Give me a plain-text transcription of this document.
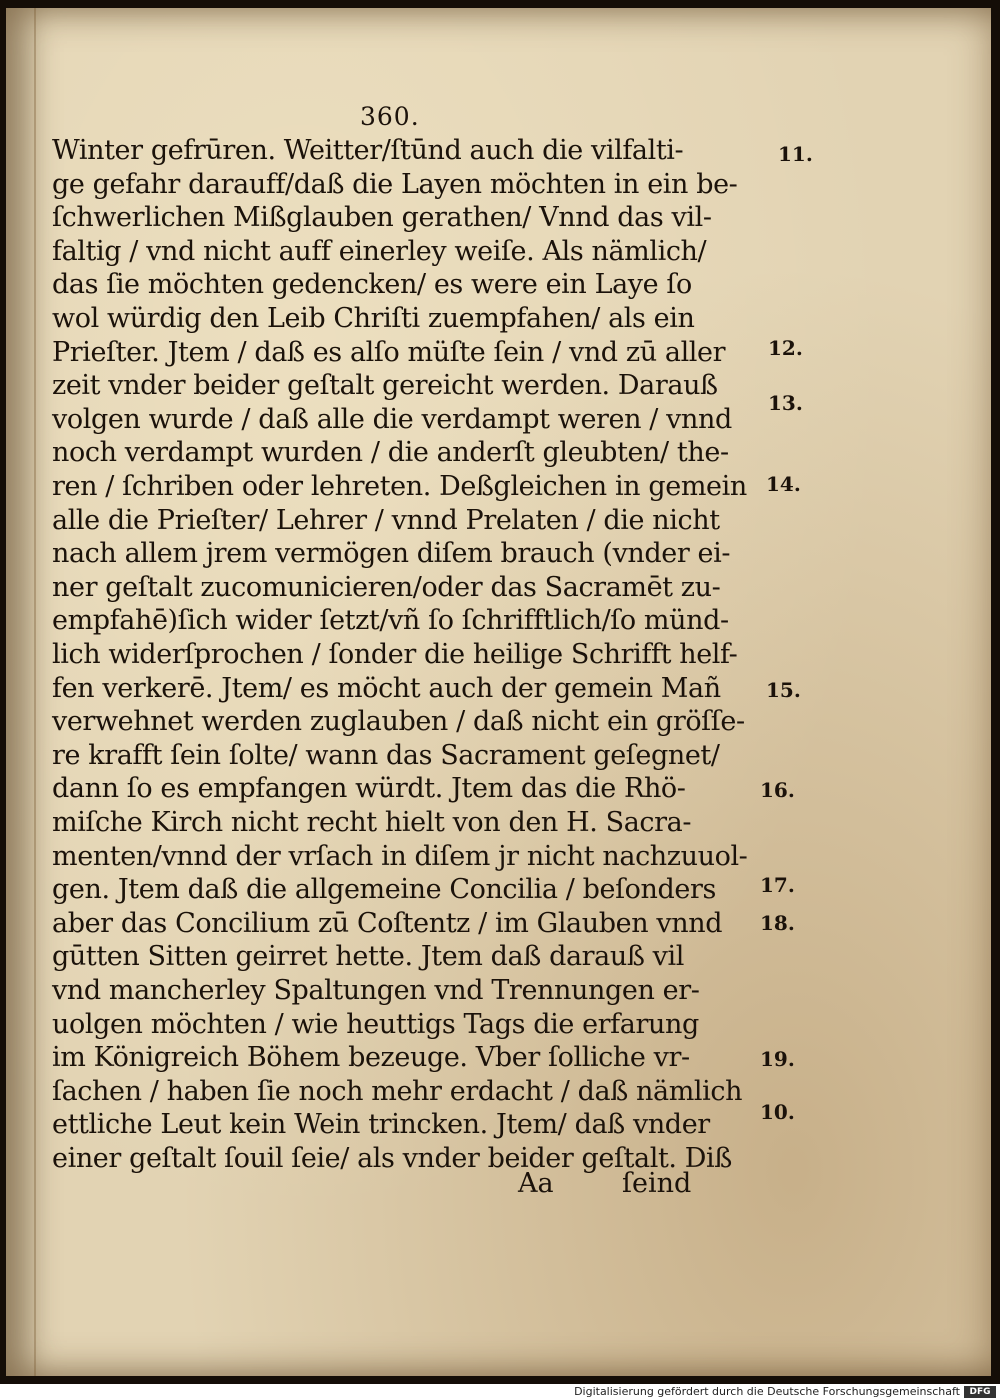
360.
Winter gefrūren. Weitter/ſtūnd auch die vilfalti-
ge gefahr darauff/daß die Layen möchten in ein be-
ſchwerlichen Mißglauben gerathen/ Vnnd das vil-
faltig / vnd nicht auff einerley weiſe. Als nämlich/
das ſie möchten gedencken/ es were ein Laye ſo
wol würdig den Leib Chriſti zuempfahen/ als ein
Prieſter. Jtem / daß es alſo müſte ſein / vnd zū aller
zeit vnder beider geſtalt gereicht werden. Darauß
volgen wurde / daß alle die verdampt weren / vnnd
noch verdampt wurden / die anderſt gleubten/ the-
ren / ſchriben oder lehreten. Deßgleichen in gemein
alle die Prieſter/ Lehrer / vnnd Prelaten / die nicht
nach allem jrem vermögen diſem brauch (vnder ei-
ner geſtalt zucomunicieren/oder das Sacramēt zu-
empfahē)ſich wider ſetzt/vñ ſo ſchrifftlich/ſo münd-
lich widerſprochen / ſonder die heilige Schrifft helf-
fen verkerē. Jtem/ es möcht auch der gemein Mañ
verwehnet werden zuglauben / daß nicht ein gröſſe-
re krafft ſein ſolte/ wann das Sacrament geſegnet/
dann ſo es empfangen würdt. Jtem das die Rhö-
miſche Kirch nicht recht hielt von den H. Sacra-
menten/vnnd der vrſach in diſem jr nicht nachzuuol-
gen. Jtem daß die allgemeine Concilia / beſonders
aber das Concilium zū Coſtentz / im Glauben vnnd
gūtten Sitten geirret hette. Jtem daß darauß vil
vnd mancherley Spaltungen vnd Trennungen er-
uolgen möchten / wie heuttigs Tags die erfarung
im Königreich Böhem bezeuge. Vber ſolliche vr-
ſachen / haben ſie noch mehr erdacht / daß nämlich
ettliche Leut kein Wein trincken. Jtem/ daß vnder
einer geſtalt ſouil ſeie/ als vnder beider geſtalt. Diß
11.
12.
13.
14.
15.
16.
17.
18.
19.
10.
Aa	ſeind
Digitalisierung gefördert durch die Deutsche Forschungsgemeinschaft	DFG
